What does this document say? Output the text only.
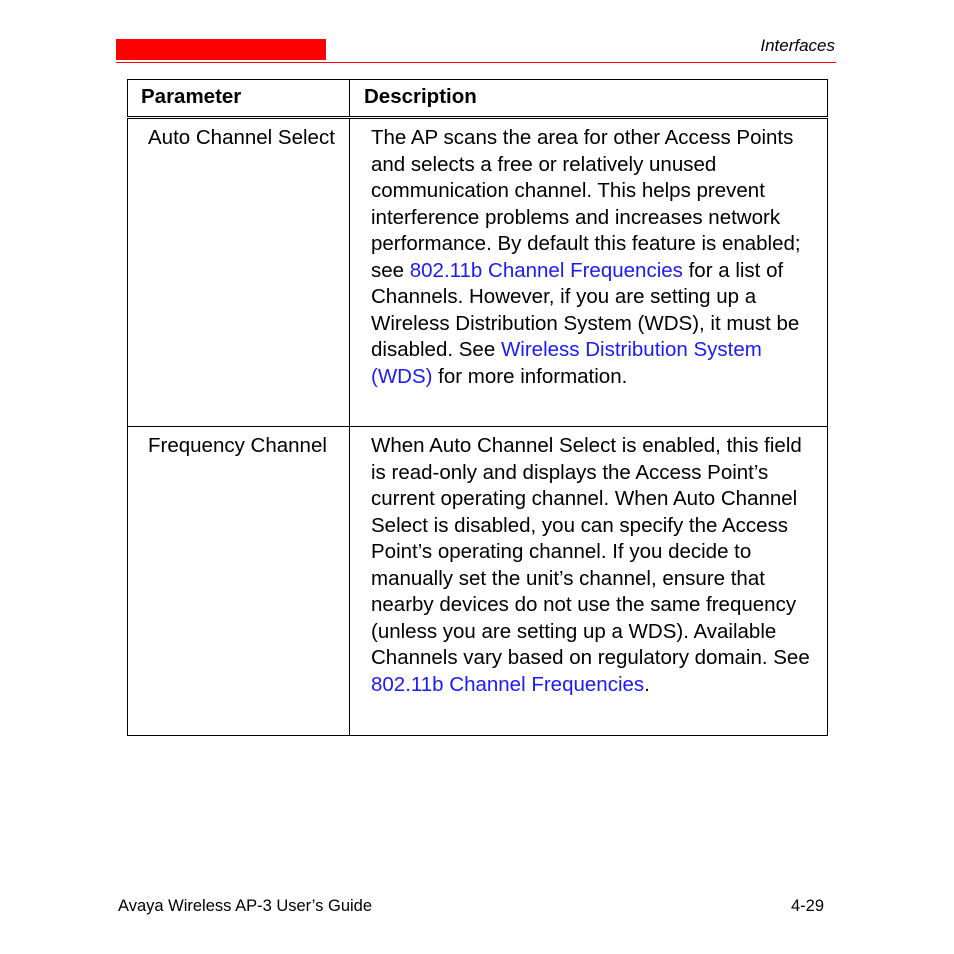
Interfaces
Parameter	Description
Auto Channel Select	The AP scans the area for other Access Points and selects a free or relatively unused communication channel. This helps prevent interference problems and increases network performance. By default this feature is enabled; see 802.11b Channel Frequencies for a list of Channels. However, if you are setting up a Wireless Distribution System (WDS), it must be disabled. See Wireless Distribution System (WDS) for more information.
Frequency Channel	When Auto Channel Select is enabled, this field is read-only and displays the Access Point’s current operating channel. When Auto Channel Select is disabled, you can specify the Access Point’s operating channel. If you decide to manually set the unit’s channel, ensure that nearby devices do not use the same frequency (unless you are setting up a WDS). Available Channels vary based on regulatory domain. See 802.11b Channel Frequencies.
Avaya Wireless AP-3 User’s Guide	4-29
